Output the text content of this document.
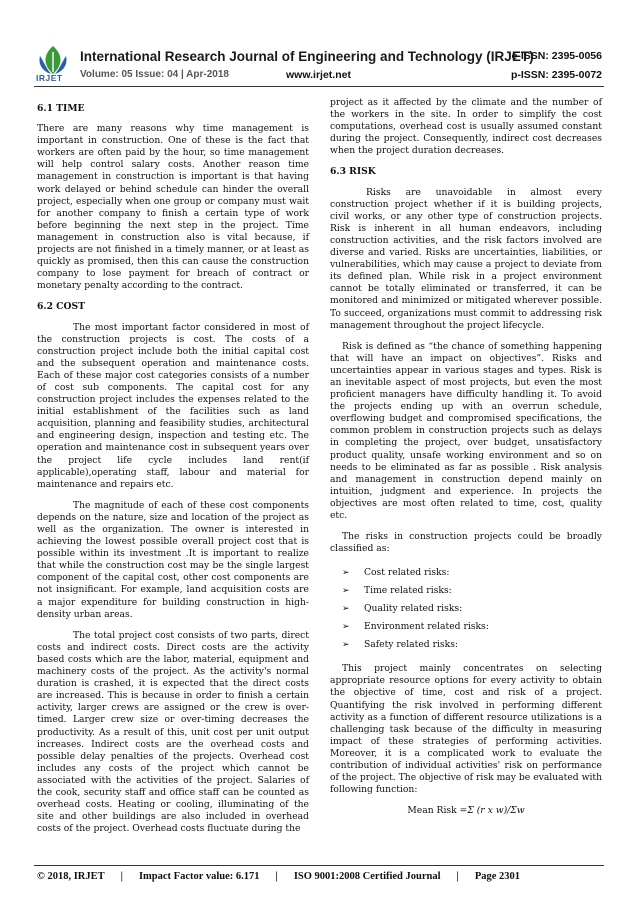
IRJET
International Research Journal of Engineering and Technology (IRJET)
e-ISSN: 2395-0056
Volume: 05 Issue: 04 | Apr-2018	www.irjet.net	p-ISSN: 2395-0072
6.1 TIME

There are many reasons why time management is important in construction. One of these is the fact that workers are often paid by the hour, so time management will help control salary costs. Another reason time management in construction is important is that having work delayed or behind schedule can hinder the overall project, especially when one group or company must wait for another company to finish a certain type of work before beginning the next step in the project. Time management in construction also is vital because, if projects are not finished in a timely manner, or at least as quickly as promised, then this can cause the construction company to lose payment for breach of contract or monetary penalty according to the contract.

6.2 COST

The most important factor considered in most of the construction projects is cost. The costs of a construction project include both the initial capital cost and the subsequent operation and maintenance costs. Each of these major cost categories consists of a number of cost sub components. The capital cost for any construction project includes the expenses related to the initial establishment of the facilities such as land acquisition, planning and feasibility studies, architectural and engineering design, inspection and testing etc. The operation and maintenance cost in subsequent years over the project life cycle includes land rent(if applicable),operating staff, labour and material for maintenance and repairs etc.

The magnitude of each of these cost components depends on the nature, size and location of the project as well as the organization. The owner is interested in achieving the lowest possible overall project cost that is possible within its investment .It is important to realize that while the construction cost may be the single largest component of the capital cost, other cost components are not insignificant. For example, land acquisition costs are a major expenditure for building construction in high-density urban areas.

The total project cost consists of two parts, direct costs and indirect costs. Direct costs are the activity based costs which are the labor, material, equipment and machinery costs of the project. As the activity's normal duration is crashed, it is expected that the direct costs are increased. This is because in order to finish a certain activity, larger crews are assigned or the crew is over-timed. Larger crew size or over-timing decreases the productivity. As a result of this, unit cost per unit output increases. Indirect costs are the overhead costs and possible delay penalties of the projects. Overhead cost includes any costs of the project which cannot be associated with the activities of the project. Salaries of the cook, security staff and office staff can be counted as overhead costs. Heating or cooling, illuminating of the site and other buildings are also included in overhead costs of the project. Overhead costs fluctuate during the

project as it affected by the climate and the number of the workers in the site. In order to simplify the cost computations, overhead cost is usually assumed constant during the project. Consequently, indirect cost decreases when the project duration decreases.

6.3 RISK

Risks are unavoidable in almost every construction project whether if it is building projects, civil works, or any other type of construction projects. Risk is inherent in all human endeavors, including construction activities, and the risk factors involved are diverse and varied. Risks are uncertainties, liabilities, or vulnerabilities, which may cause a project to deviate from its defined plan. While risk in a project environment cannot be totally eliminated or transferred, it can be monitored and minimized or mitigated wherever possible. To succeed, organizations must commit to addressing risk management throughout the project lifecycle.

Risk is defined as “the chance of something happening that will have an impact on objectives”. Risks and uncertainties appear in various stages and types. Risk is an inevitable aspect of most projects, but even the most proficient managers have difficulty handling it. To avoid the projects ending up with an overrun schedule, overflowing budget and compromised specifications, the common problem in construction projects such as delays in completing the project, over budget, unsatisfactory product quality, unsafe working environment and so on needs to be eliminated as far as possible . Risk analysis and management in construction depend mainly on intuition, judgment and experience. In projects the objectives are most often related to time, cost, quality etc.

The risks in construction projects could be broadly classified as:

➢	Cost related risks:
➢	Time related risks:
➢	Quality related risks:
➢	Environment related risks:
➢	Safety related risks:

This project mainly concentrates on selecting appropriate resource options for every activity to obtain the objective of time, cost and risk of a project. Quantifying the risk involved in performing different activity as a function of different resource utilizations is a challenging task because of the difficulty in measuring impact of these strategies of performing activities. Moreover, it is a complicated work to evaluate the contribution of individual activities' risk on performance of the project. The objective of risk may be evaluated with following function:

Mean Risk =Σ (r x w)/Σw
© 2018, IRJET | Impact Factor value: 6.171 | ISO 9001:2008 Certified Journal | Page 2301
